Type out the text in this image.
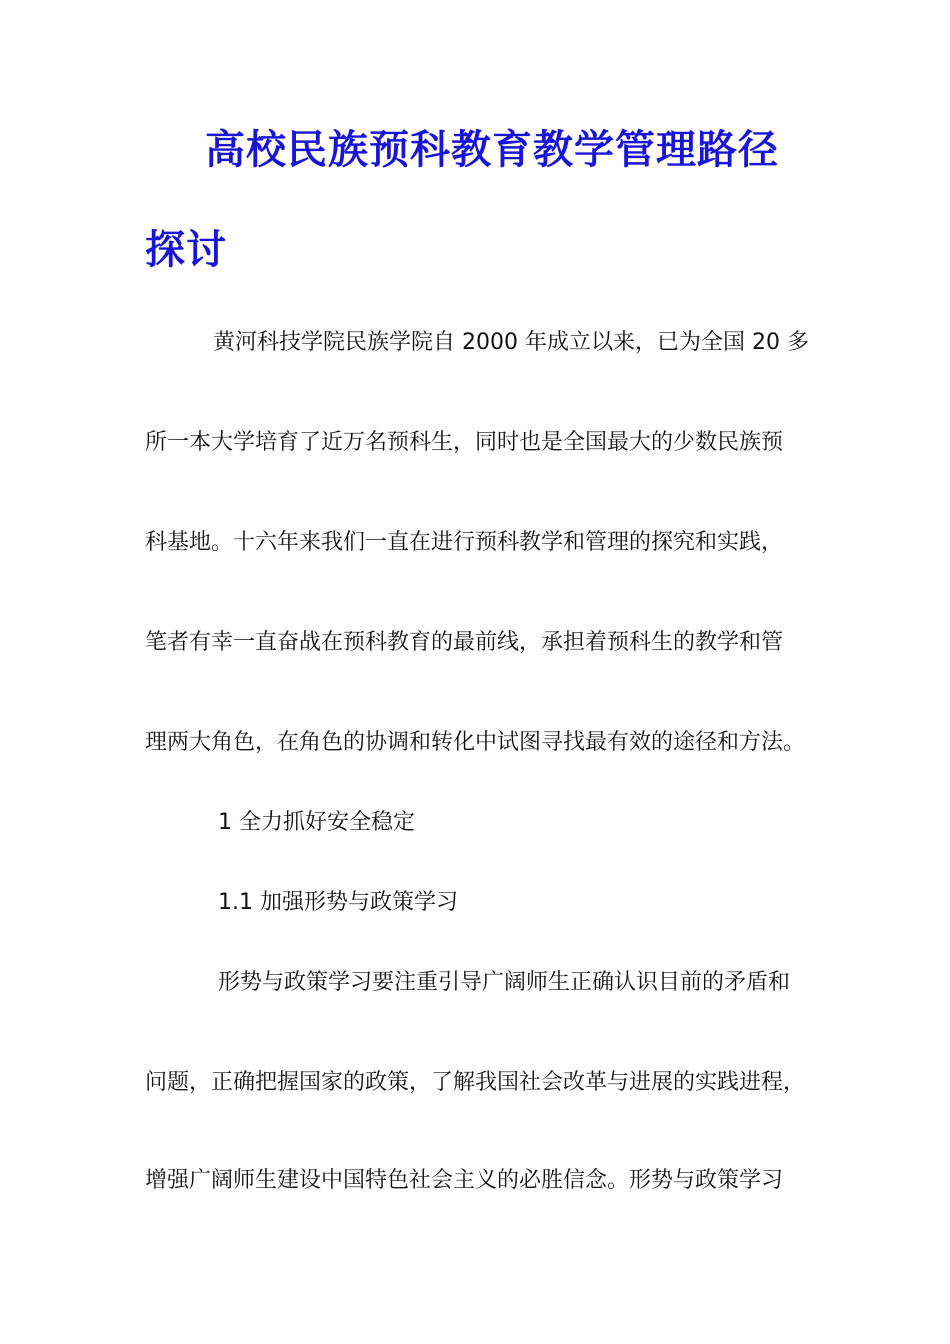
高校民族预科教育教学管理路径
探讨
黄河科技学院民族学院自 2000 年成立以来，已为全国 20 多
所一本大学培育了近万名预科生，同时也是全国最大的少数民族预
科基地。十六年来我们一直在进行预科教学和管理的探究和实践，
笔者有幸一直奋战在预科教育的最前线，承担着预科生的教学和管
理两大角色，在角色的协调和转化中试图寻找最有效的途径和方法。
1 全力抓好安全稳定
1.1 加强形势与政策学习
形势与政策学习要注重引导广阔师生正确认识目前的矛盾和
问题，正确把握国家的政策，了解我国社会改革与进展的实践进程，
增强广阔师生建设中国特色社会主义的必胜信念。形势与政策学习
